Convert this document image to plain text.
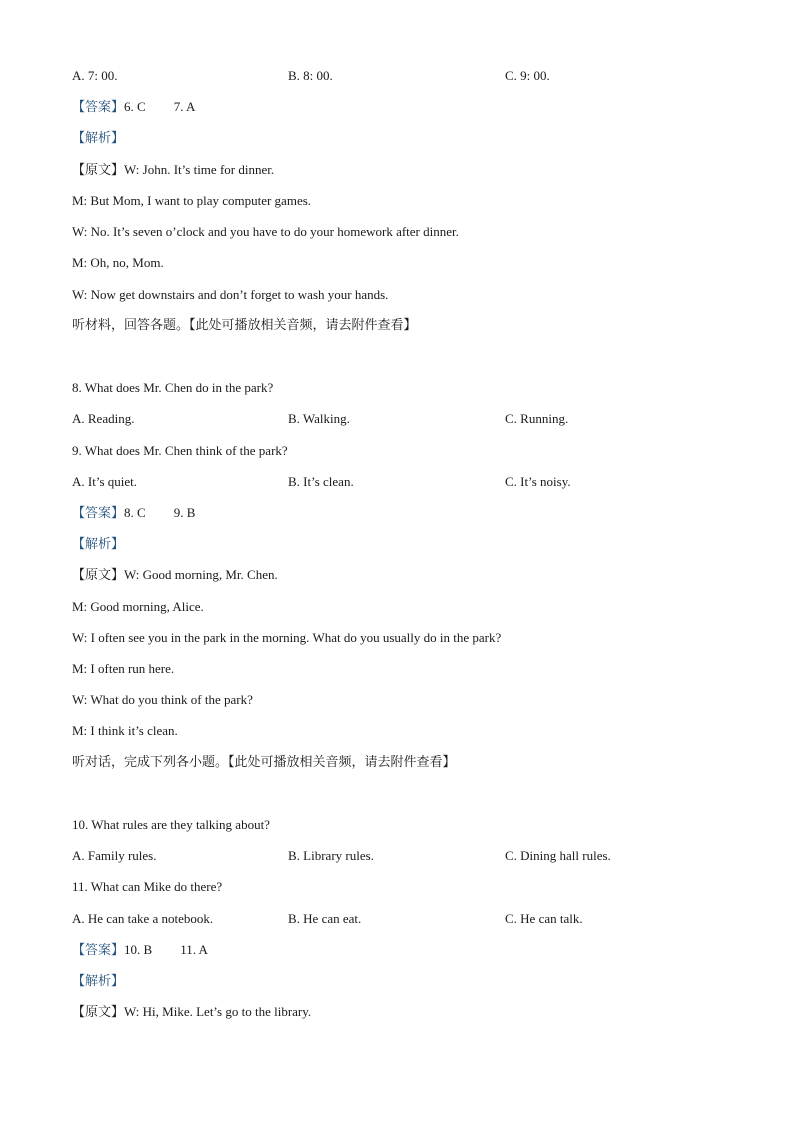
A. 7: 00.	B. 8: 00.	C. 9: 00.
【答案】6. C 7. A
【解析】
【原文】W: John. It’s time for dinner.
M: But Mom, I want to play computer games.
W: No. It’s seven o’clock and you have to do your homework after dinner.
M: Oh, no, Mom.
W: Now get downstairs and don’t forget to wash your hands.
听材料，回答各题。【此处可播放相关音频，请去附件查看】
8. What does Mr. Chen do in the park?
A. Reading.	B. Walking.	C. Running.
9. What does Mr. Chen think of the park?
A. It’s quiet.	B. It’s clean.	C. It’s noisy.
【答案】8. C 9. B
【解析】
【原文】W: Good morning, Mr. Chen.
M: Good morning, Alice.
W: I often see you in the park in the morning. What do you usually do in the park?
M: I often run here.
W: What do you think of the park?
M: I think it’s clean.
听对话，完成下列各小题。【此处可播放相关音频，请去附件查看】
10. What rules are they talking about?
A. Family rules.	B. Library rules.	C. Dining hall rules.
11. What can Mike do there?
A. He can take a notebook.	B. He can eat.	C. He can talk.
【答案】10. B 11. A
【解析】
【原文】W: Hi, Mike. Let’s go to the library.
